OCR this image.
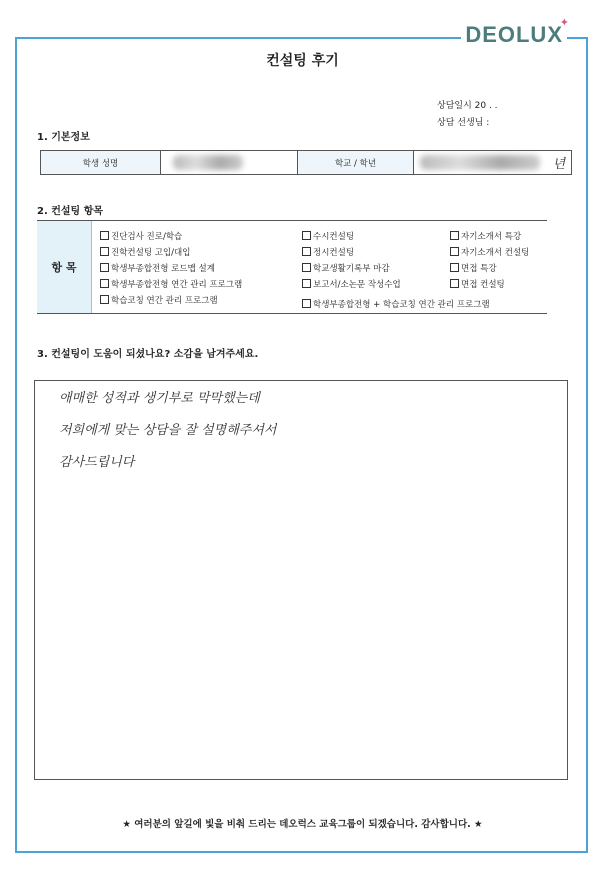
DEOLUX
✦
컨설팅 후기
상담일시 20 . .
상담 선생님 :
1. 기본정보
학생 성명	학교 / 학년	년
2. 컨설팅 항목
항 목
진단검사 진로/학습
진학컨설팅 고입/대입
학생부종합전형 로드맵 설계
학생부종합전형 연간 관리 프로그램
학습코칭 연간 관리 프로그램
수시컨설팅
정시컨설팅
학교생활기록부 마감
보고서/소논문 작성수업
학생부종합전형 + 학습코칭 연간 관리 프로그램
자기소개서 특강
자기소개서 컨설팅
면접 특강
면접 컨설팅
3. 컨설팅이 도움이 되셨나요? 소감을 남겨주세요.
애매한 성적과 생기부로 막막했는데
저희에게 맞는 상담을 잘 설명해주셔서
감사드립니다
★ 여러분의 앞길에 빛을 비춰 드리는 데오럭스 교육그룹이 되겠습니다. 감사합니다. ★
